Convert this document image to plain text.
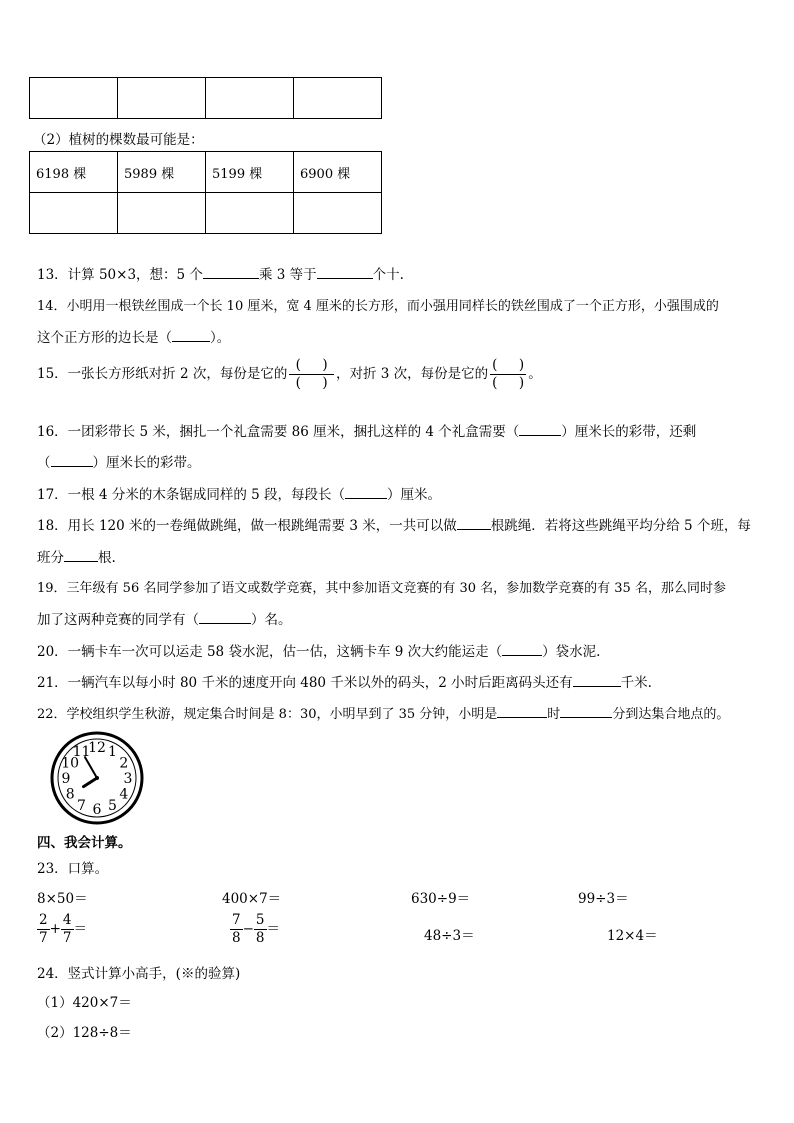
（2）植树的棵数最可能是：
6198 棵	5989 棵	5199 棵	6900 棵

13．计算 50×3，想：5 个	乘 3 等于	个十.
14．小明用一根铁丝围成一个长 10 厘米，宽 4 厘米的长方形，而小强用同样长的铁丝围成了一个正方形，小强围成的
这个正方形的边长是（	）。
15．一张长方形纸对折 2 次，每份是它的 $\frac{( )}{( )}$ ，对折 3 次，每份是它的 $\frac{( )}{( )}$ 。
16．一团彩带长 5 米，捆扎一个礼盒需要 86 厘米，捆扎这样的 4 个礼盒需要（	）厘米长的彩带，还剩
（	）厘米长的彩带。
17．一根 4 分米的木条锯成同样的 5 段，每段长（	）厘米。
18．用长 120 米的一卷绳做跳绳，做一根跳绳需要 3 米，一共可以做	根跳绳．若将这些跳绳平均分给 5 个班，每
班分	根.
19．三年级有 56 名同学参加了语文或数学竞赛，其中参加语文竞赛的有 30 名，参加数学竞赛的有 35 名，那么同时参
加了这两种竞赛的同学有（	）名。
20．一辆卡车一次可以运走 58 袋水泥，估一估，这辆卡车 9 次大约能运走（	）袋水泥.
21．一辆汽车以每小时 80 千米的速度开向 480 千米以外的码头，2 小时后距离码头还有	千米.
22．学校组织学生秋游，规定集合时间是 8：30，小明早到了 35 分钟，小明是	时	分到达集合地点的。
12 1
2
3
4
5
6
7
8
9
10
11
四、我会计算。
23．口算。
8×50＝	400×7＝	630÷9＝	99÷3＝
$\frac{2}{7} + \frac{4}{7}$ ＝	$\frac{7}{8} - \frac{5}{8}$ ＝	48÷3＝	12×4＝
24．竖式计算小高手，(※的验算)
（1）420×7＝
（2）128÷8＝
